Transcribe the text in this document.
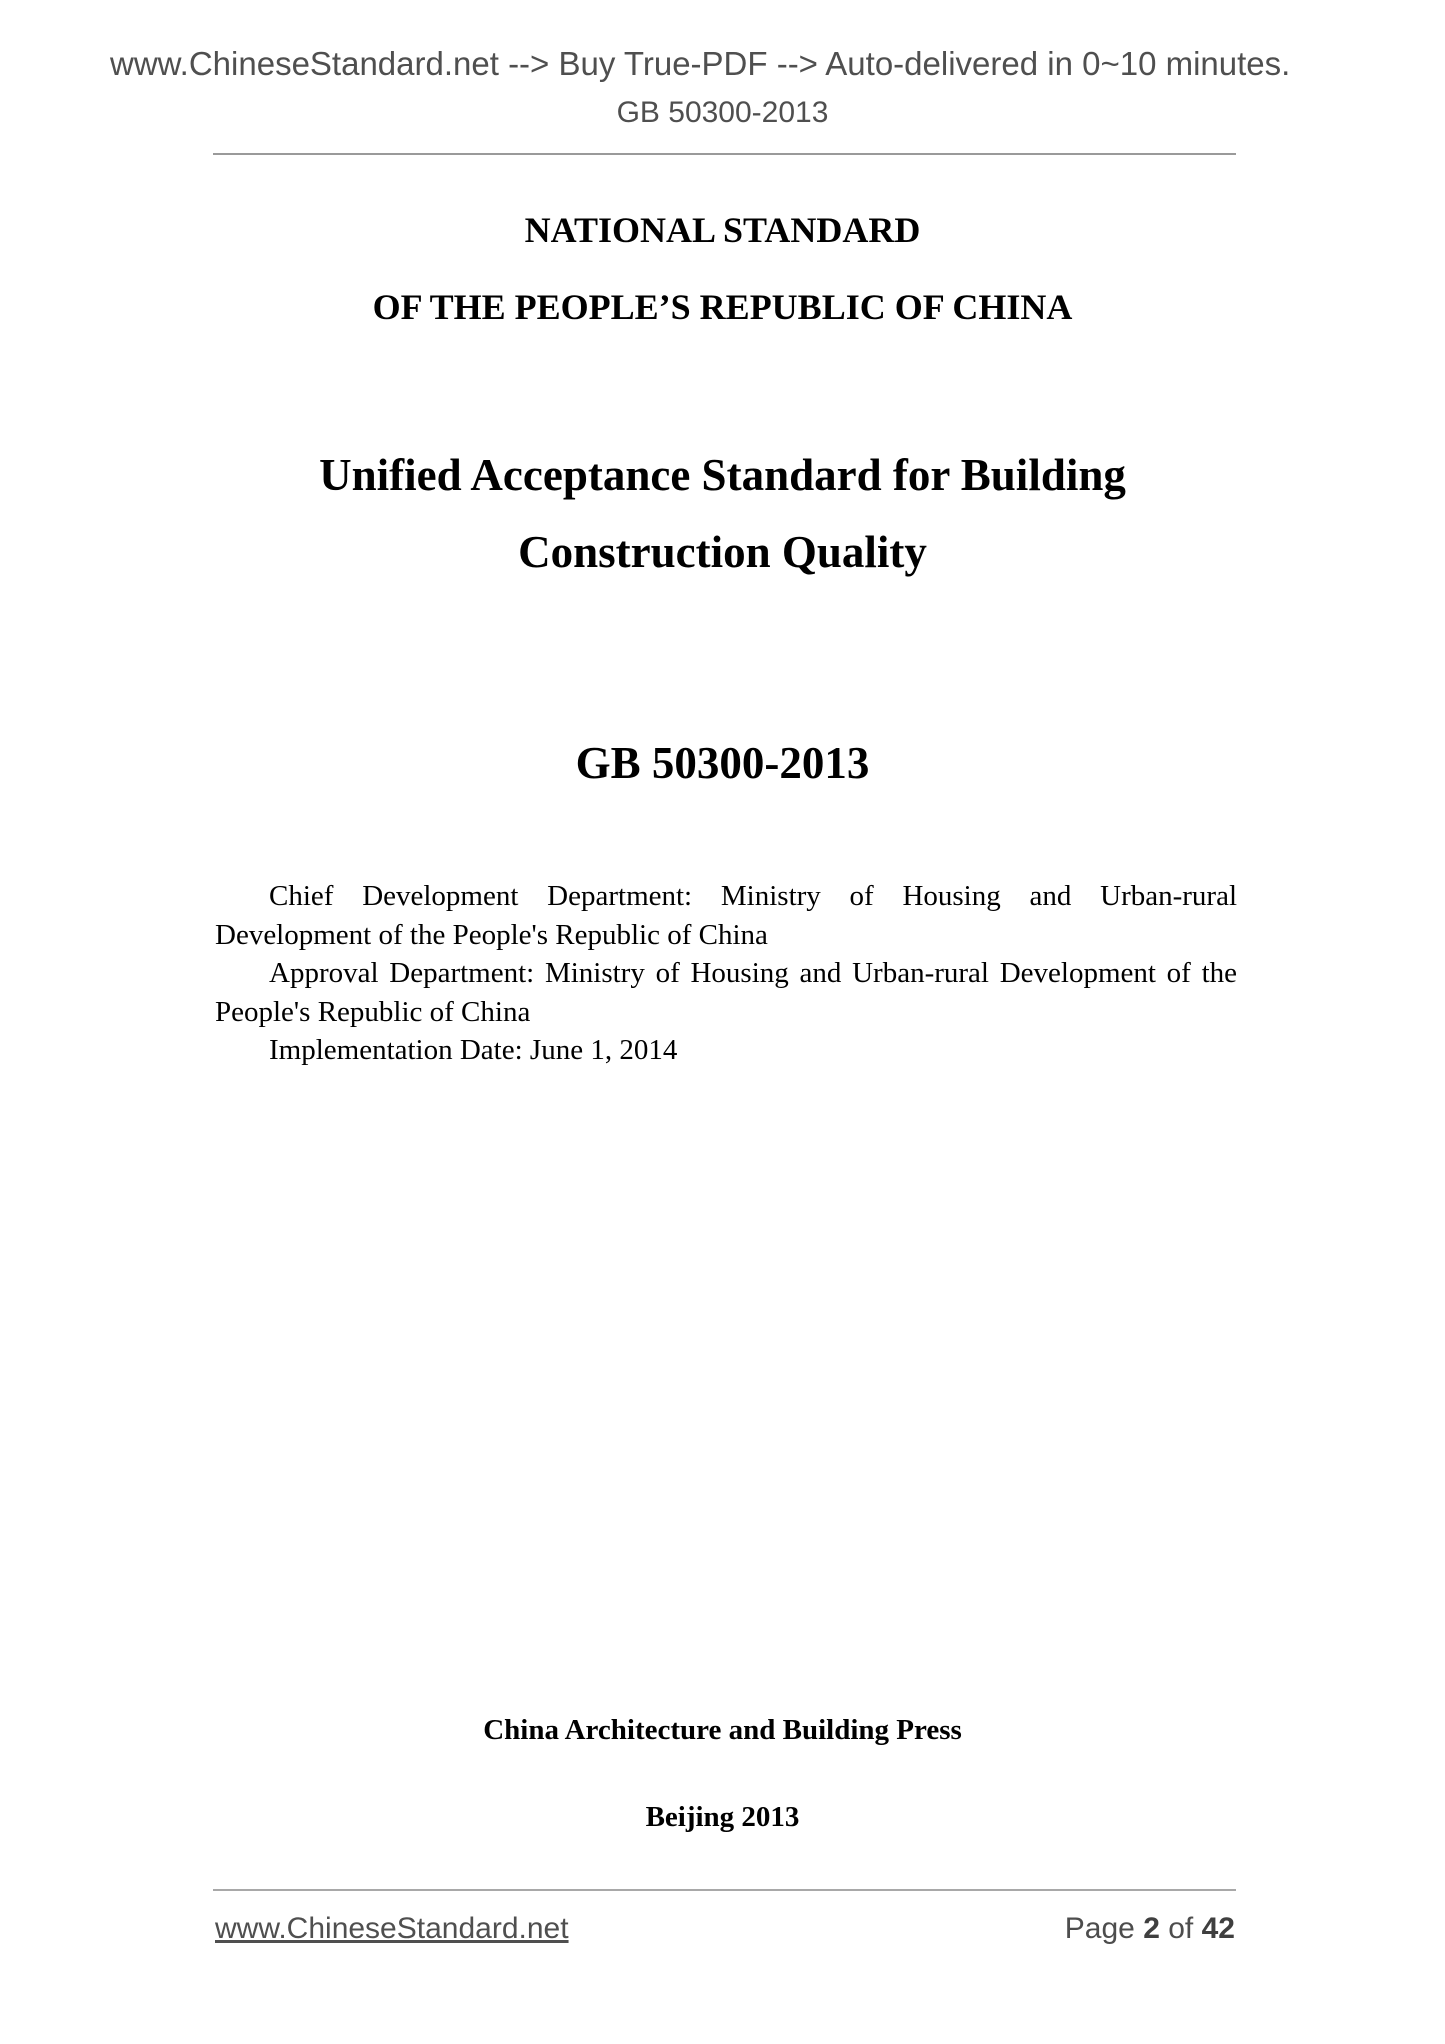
www.ChineseStandard.net --> Buy True-PDF --> Auto-delivered in 0~10 minutes.
GB 50300-2013
NATIONAL STANDARD
OF THE PEOPLE’S REPUBLIC OF CHINA
Unified Acceptance Standard for Building
Construction Quality
GB 50300-2013

Chief Development Department: Ministry of Housing and Urban-rural Development of the People's Republic of China

Approval Department: Ministry of Housing and Urban-rural Development of the People's Republic of China

Implementation Date: June 1, 2014

China Architecture and Building Press
Beijing 2013
www.ChineseStandard.net	Page 2 of 42
